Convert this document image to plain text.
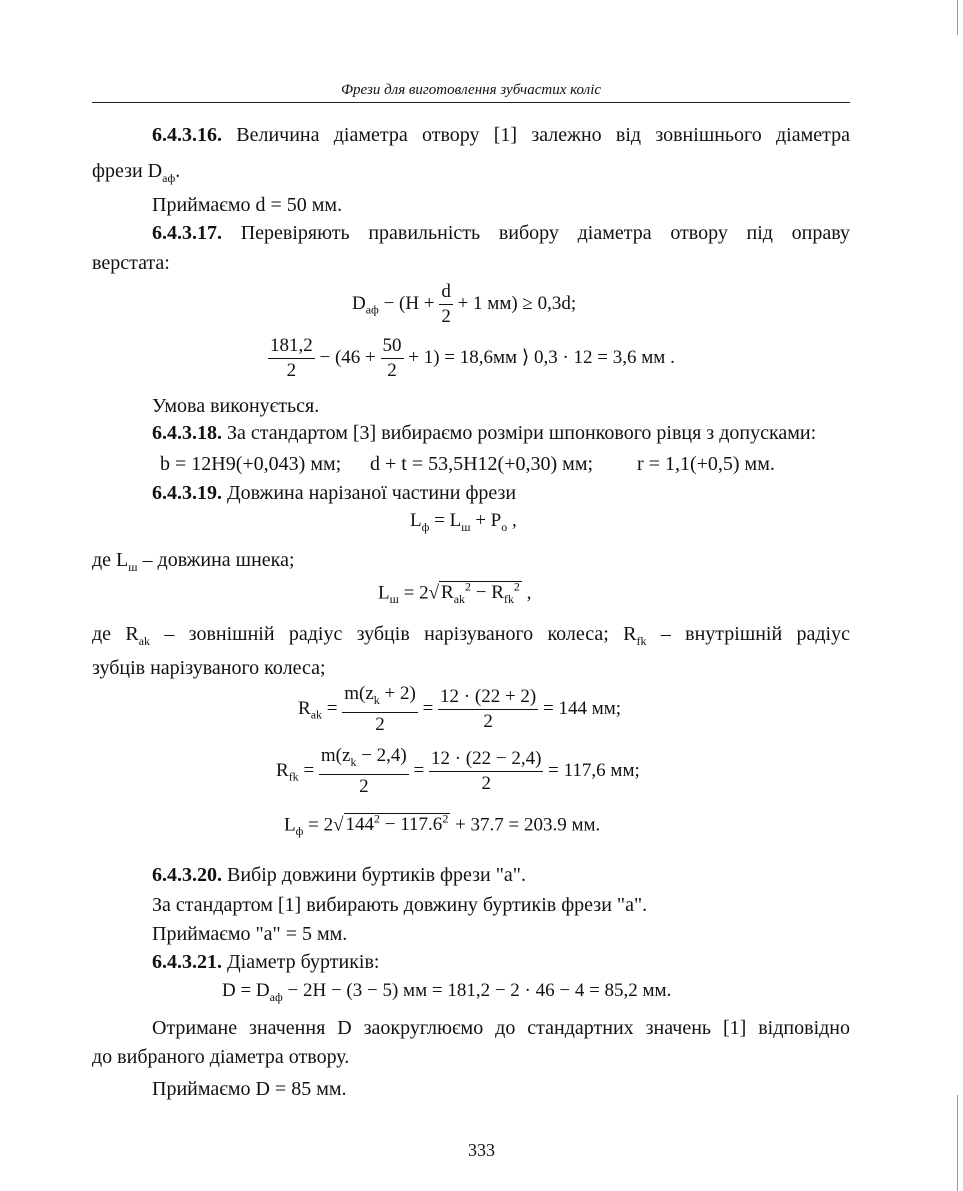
Фрези для виготовлення зубчастих коліс
6.4.3.16. Величина діаметра отвору [1] залежно від зовнішнього діаметра
фрези $D_{аф}$.
Приймаємо d = 50 мм.
6.4.3.17. Перевіряють правильність вибору діаметра отвору під оправу
верстата:
$D_{аф} - (H + \frac{d}{2} + 1$ мм) ≥ 0,3d;
$\frac{181,2}{2} - (46 + \frac{50}{2} + 1) = 18,6мм$ ⟩ 0,3 · 12 = 3,6 мм .
Умова виконується.
6.4.3.18. За стандартом [3] вибираємо розміри шпонкового рівця з допусками:
b = 12H9(+0,043) мм; d + t = 53,5H12(+0,30) мм; r = 1,1(+0,5) мм.
6.4.3.19. Довжина нарізаної частини фрези
$L_ф = L_ш + P_о$ ,
де $L_ш$ – довжина шнека;
$L_ш = 2√$ $R_{ak}^2 - R_{fk}^2$ ,
де $R_{ak}$ – зовнішній радіус зубців нарізуваного колеса; $R_{fk}$ – внутрішній радіус
зубців нарізуваного колеса;
$R_{ak} = \frac{m(z_k + 2)}{2} = \frac{12 \cdot (22 + 2)}{2} = 144$ мм;
$R_{fk} = \frac{m(z_k - 2,4)}{2} = \frac{12 \cdot (22 - 2,4)}{2} = 117,6$ мм;
$L_ф = 2√$ $144^2 - 117.6^2 + 37.7 = 203.9$ мм.
6.4.3.20. Вибір довжини буртиків фрези "a".
За стандартом [1] вибирають довжину буртиків фрези "a".
Приймаємо "a" = 5 мм.
6.4.3.21. Діаметр буртиків:
$D = D_{аф} - 2H - (3 - 5)$ мм = 181,2 − 2 · 46 − 4 = 85,2 мм.
Отримане значення D заокруглюємо до стандартних значень [1] відповідно
до вибраного діаметра отвору.
Приймаємо D = 85 мм.
333
